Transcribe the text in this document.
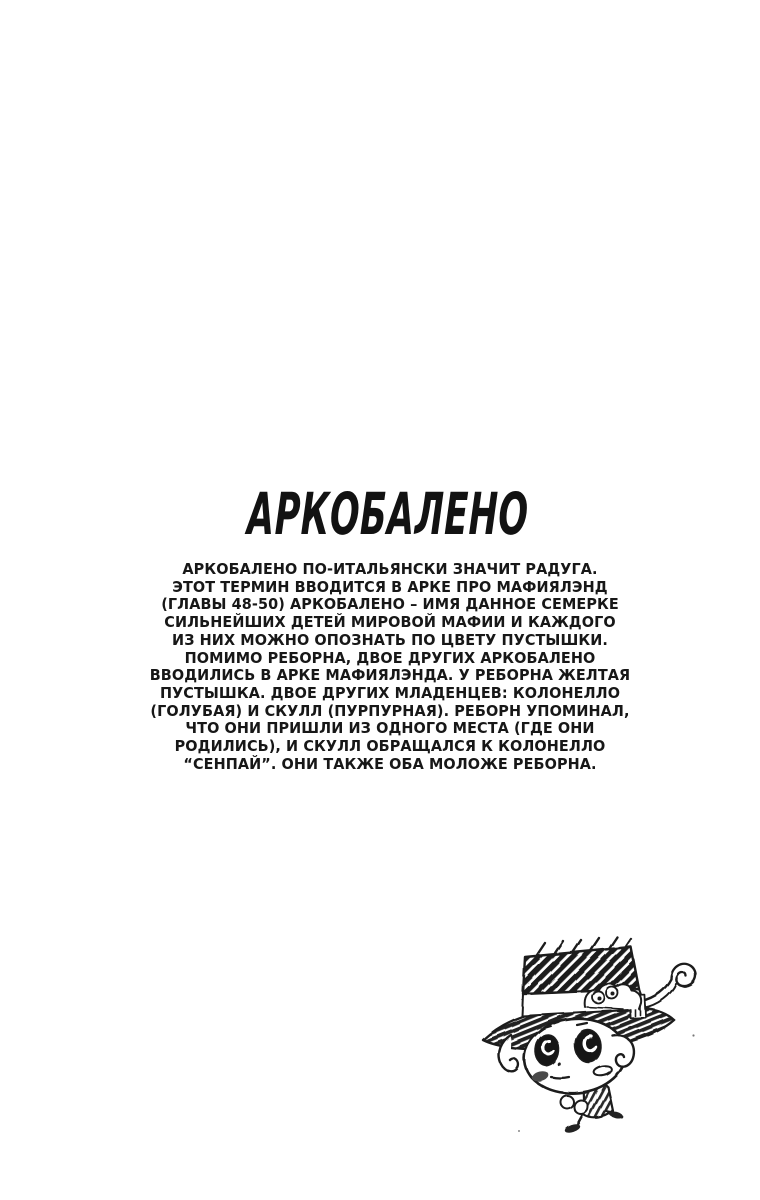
АРКОБАЛЕНО
АРКОБАЛЕНО ПО-ИТАЛЬЯНСКИ ЗНАЧИТ РАДУГА.
ЭТОТ ТЕРМИН ВВОДИТСЯ В АРКЕ ПРО МАФИЯЛЭНД
(ГЛАВЫ 48-50) АРКОБАЛЕНО – ИМЯ ДАННОЕ СЕМЕРКЕ
СИЛЬНЕЙШИХ ДЕТЕЙ МИРОВОЙ МАФИИ И КАЖДОГО
ИЗ НИХ МОЖНО ОПОЗНАТЬ ПО ЦВЕТУ ПУСТЫШКИ.
ПОМИМО РЕБОРНА, ДВОЕ ДРУГИХ АРКОБАЛЕНО
ВВОДИЛИСЬ В АРКЕ МАФИЯЛЭНДА. У РЕБОРНА ЖЕЛТАЯ
ПУСТЫШКА. ДВОЕ ДРУГИХ МЛАДЕНЦЕВ: КОЛОНЕЛЛО
(ГОЛУБАЯ) И СКУЛЛ (ПУРПУРНАЯ). РЕБОРН УПОМИНАЛ,
ЧТО ОНИ ПРИШЛИ ИЗ ОДНОГО МЕСТА (ГДЕ ОНИ
РОДИЛИСЬ), И СКУЛЛ ОБРАЩАЛСЯ К КОЛОНЕЛЛО
“СЕНПАЙ”. ОНИ ТАКЖЕ ОБА МОЛОЖЕ РЕБОРНА.
